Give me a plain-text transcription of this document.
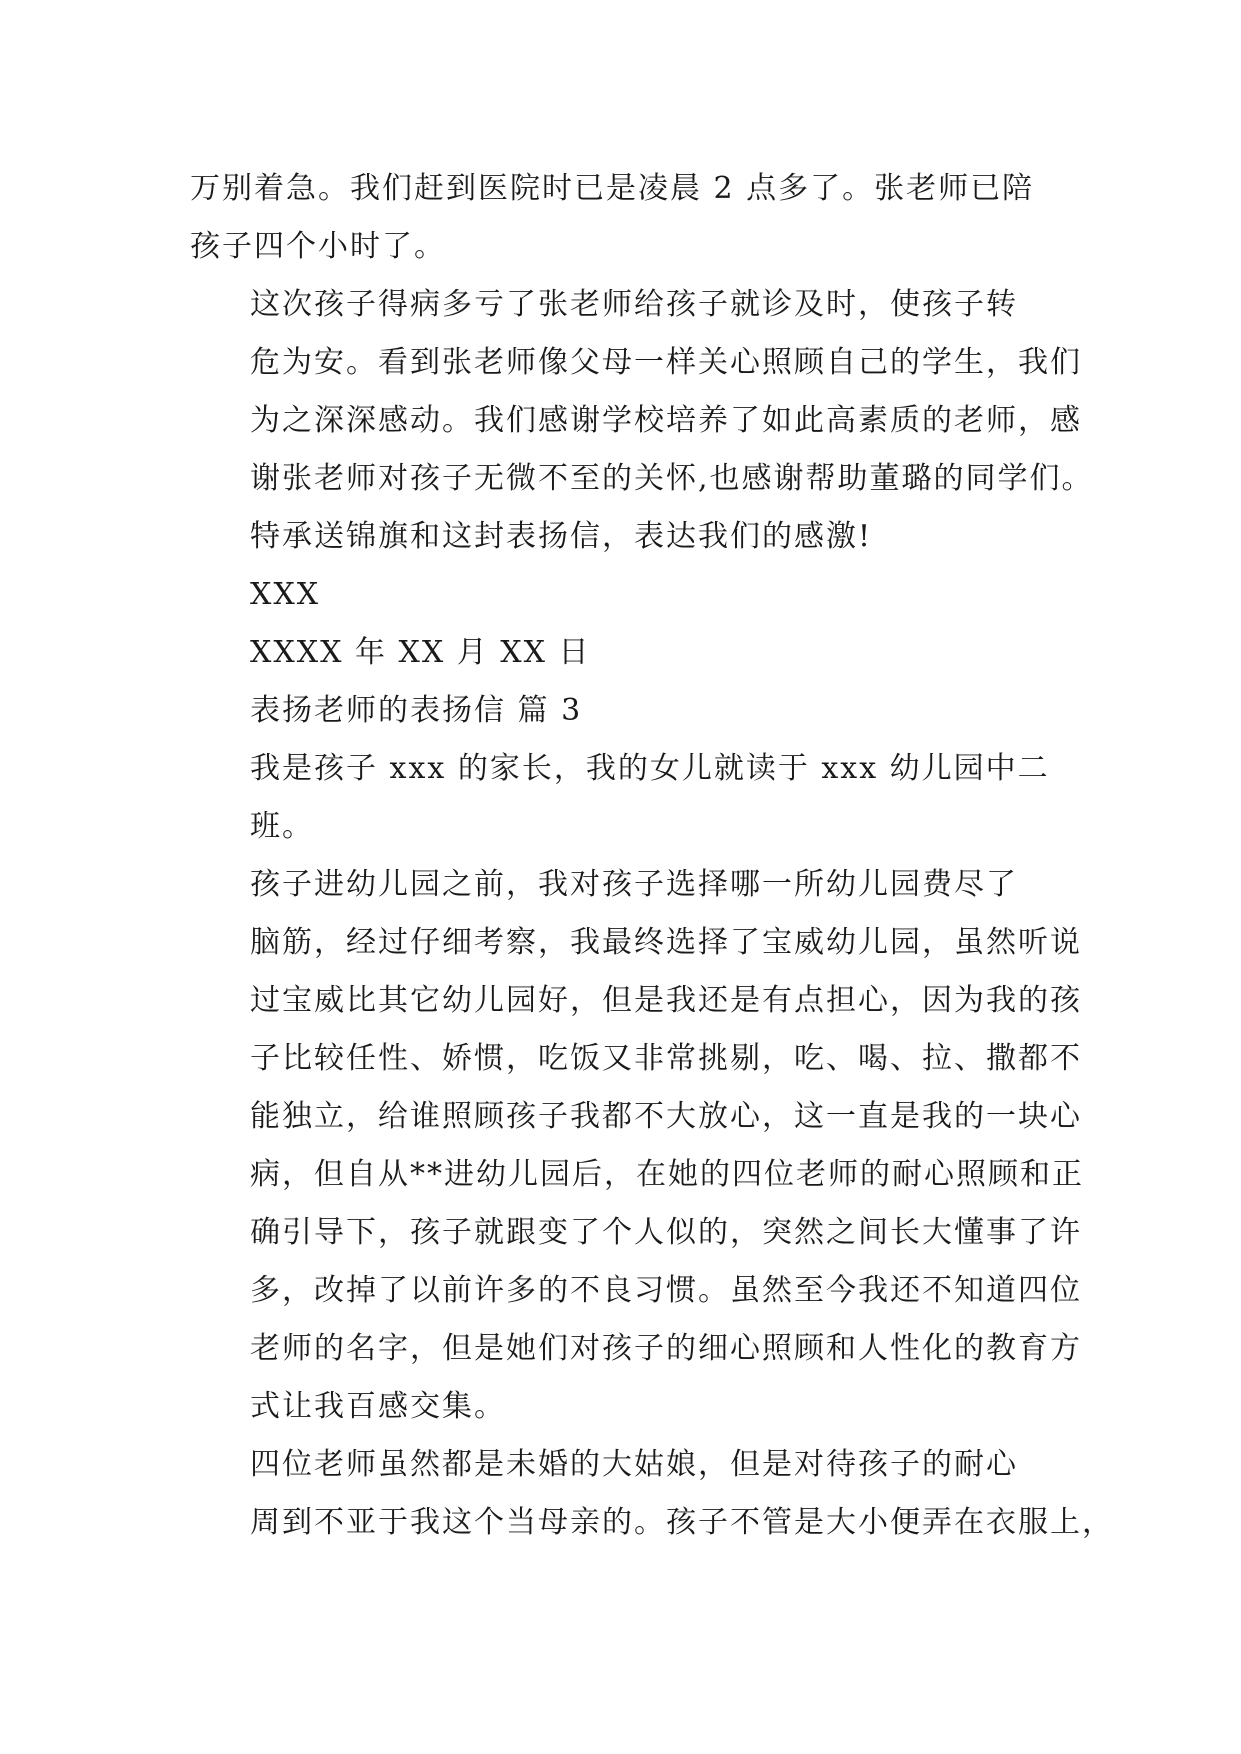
万别着急。我们赶到医院时已是凌晨 2 点多了。张老师已陪
孩子四个小时了。

这次孩子得病多亏了张老师给孩子就诊及时，使孩子转
危为安。看到张老师像父母一样关心照顾自己的学生，我们
为之深深感动。我们感谢学校培养了如此高素质的老师，感
谢张老师对孩子无微不至的关怀,也感谢帮助董璐的同学们。
特承送锦旗和这封表扬信，表达我们的感激!

XXX

XXXX 年 XX 月 XX 日

表扬老师的表扬信 篇 3

我是孩子 xxx 的家长，我的女儿就读于 xxx 幼儿园中二
班。

孩子进幼儿园之前，我对孩子选择哪一所幼儿园费尽了
脑筋，经过仔细考察，我最终选择了宝威幼儿园，虽然听说
过宝威比其它幼儿园好，但是我还是有点担心，因为我的孩
子比较任性、娇惯，吃饭又非常挑剔，吃、喝、拉、撒都不
能独立，给谁照顾孩子我都不大放心，这一直是我的一块心
病，但自从**进幼儿园后，在她的四位老师的耐心照顾和正
确引导下，孩子就跟变了个人似的，突然之间长大懂事了许
多，改掉了以前许多的不良习惯。虽然至今我还不知道四位
老师的名字，但是她们对孩子的细心照顾和人性化的教育方
式让我百感交集。

四位老师虽然都是未婚的大姑娘，但是对待孩子的耐心
周到不亚于我这个当母亲的。孩子不管是大小便弄在衣服上，
